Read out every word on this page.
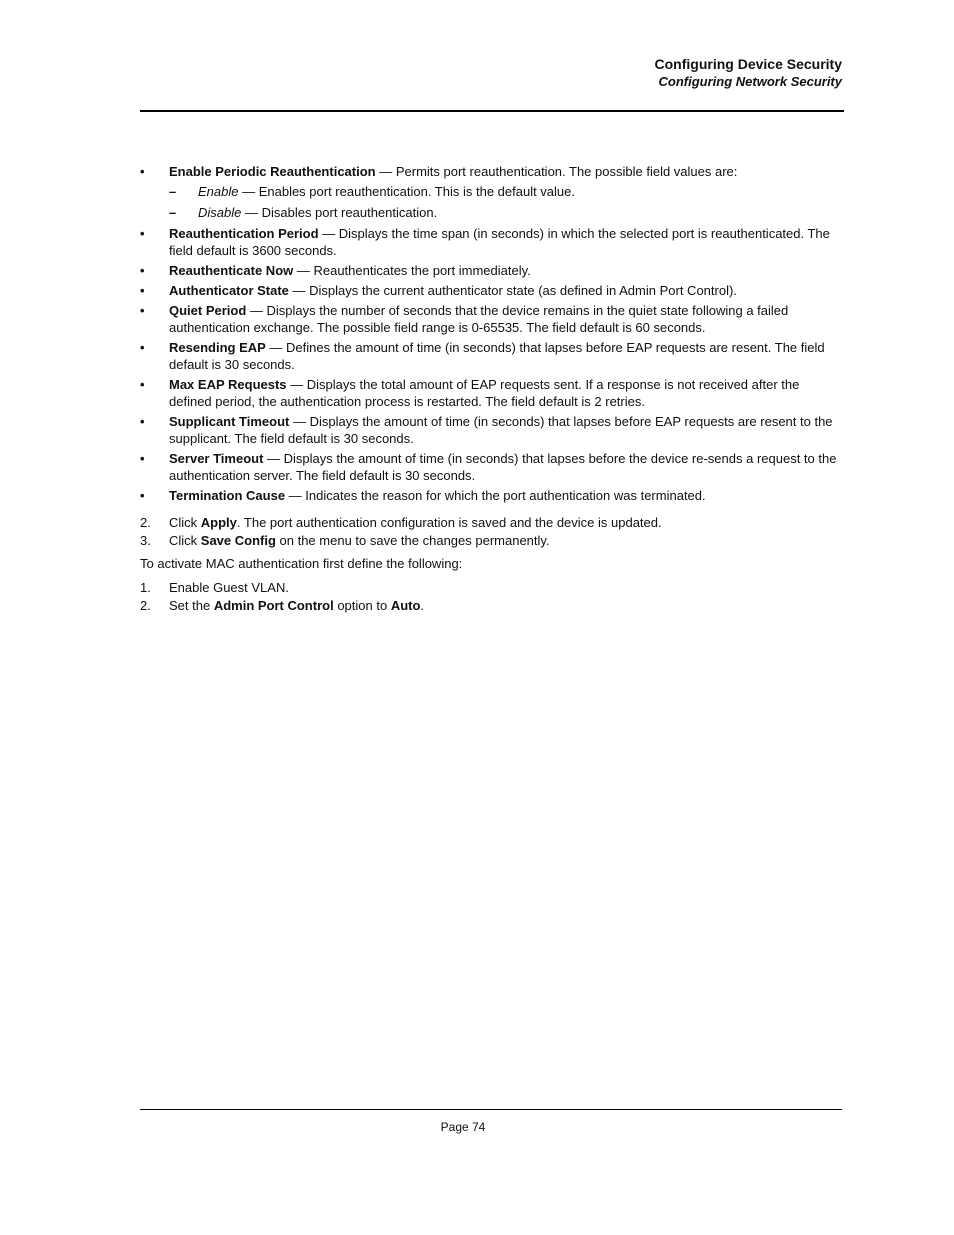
Configuring Device Security
Configuring Network Security
• Enable Periodic Reauthentication — Permits port reauthentication. The possible field values are:
– Enable — Enables port reauthentication. This is the default value.
– Disable — Disables port reauthentication.
• Reauthentication Period — Displays the time span (in seconds) in which the selected port is reauthenticated. The field default is 3600 seconds.
• Reauthenticate Now — Reauthenticates the port immediately.
• Authenticator State — Displays the current authenticator state (as defined in Admin Port Control).
• Quiet Period — Displays the number of seconds that the device remains in the quiet state following a failed authentication exchange. The possible field range is 0-65535. The field default is 60 seconds.
• Resending EAP — Defines the amount of time (in seconds) that lapses before EAP requests are resent. The field default is 30 seconds.
• Max EAP Requests — Displays the total amount of EAP requests sent. If a response is not received after the defined period, the authentication process is restarted. The field default is 2 retries.
• Supplicant Timeout — Displays the amount of time (in seconds) that lapses before EAP requests are resent to the supplicant. The field default is 30 seconds.
• Server Timeout — Displays the amount of time (in seconds) that lapses before the device re-sends a request to the authentication server. The field default is 30 seconds.
• Termination Cause — Indicates the reason for which the port authentication was terminated.
2. Click Apply. The port authentication configuration is saved and the device is updated.
3. Click Save Config on the menu to save the changes permanently.
To activate MAC authentication first define the following:
1. Enable Guest VLAN.
2. Set the Admin Port Control option to Auto.
Page 74
